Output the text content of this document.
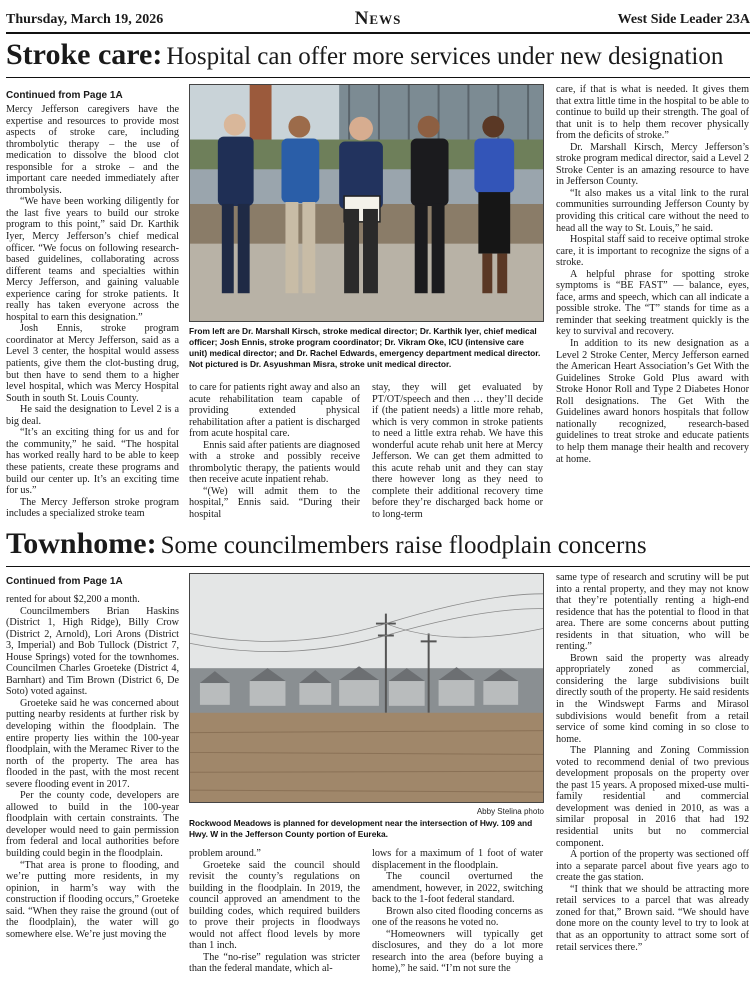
Thursday, March 19, 2026	News	West Side Leader 23A
Stroke care: Hospital can offer more services under new designation
Continued from Page 1A

Mercy Jefferson caregivers have the expertise and resources to provide most aspects of stroke care, including thrombolytic therapy – the use of medication to dissolve the blood clot responsible for a stroke – and the important care needed immediately after thrombolysis.

“We have been working diligently for the last five years to build our stroke program to this point,” said Dr. Karthik Iyer, Mercy Jefferson’s chief medical officer. “We focus on following research-based guidelines, collaborating across different teams and specialties within Mercy Jefferson, and gaining valuable experience caring for stroke patients. It really has taken everyone across the hospital to earn this designation.”

Josh Ennis, stroke program coordinator at Mercy Jefferson, said as a Level 3 center, the hospital would assess patients, give them the clot-busting drug, but then have to send them to a higher level hospital, which was Mercy Hospital South in south St. Louis County.

He said the designation to Level 2 is a big deal.

“It’s an exciting thing for us and for the community,” he said. “The hospital has worked really hard to be able to keep these patients, create these programs and build our center up. It’s an exciting time for us.”

The Mercy Jefferson stroke program includes a specialized stroke team

From left are Dr. Marshall Kirsch, stroke medical director; Dr. Karthik Iyer, chief medical officer; Josh Ennis, stroke program coordinator; Dr. Vikram Oke, ICU (intensive care unit) medical director; and Dr. Rachel Edwards, emergency department medical director. Not pictured is Dr. Asyushman Misra, stroke unit medical director.

to care for patients right away and also an acute rehabilitation team capable of providing extended physical rehabilitation after a patient is discharged from acute hospital care.

Ennis said after patients are diagnosed with a stroke and possibly receive thrombolytic therapy, the patients would then receive acute inpatient rehab.

“(We) will admit them to the hospital,” Ennis said. “During their hospital

stay, they will get evaluated by PT/OT/speech and then … they’ll decide if (the patient needs) a little more rehab, which is very common in stroke patients to need a little extra rehab. We have this wonderful acute rehab unit here at Mercy Jefferson. We can get them admitted to this acute rehab unit and they can stay there however long as they need to complete their additional recovery time before they’re discharged back home or to long-term

care, if that is what is needed. It gives them that extra little time in the hospital to be able to continue to build up their strength. The goal of that unit is to help them recover physically from the deficits of stroke.”

Dr. Marshall Kirsch, Mercy Jefferson’s stroke program medical director, said a Level 2 Stroke Center is an amazing resource to have in Jefferson County.

“It also makes us a vital link to the rural communities surrounding Jefferson County by providing this critical care without the need to head all the way to St. Louis,” he said.

Hospital staff said to receive optimal stroke care, it is important to recognize the signs of a stroke.

A helpful phrase for spotting stroke symptoms is “BE FAST” — balance, eyes, face, arms and speech, which can all indicate a possible stroke. The “T” stands for time as a reminder that seeking treatment quickly is the key to survival and recovery.

In addition to its new designation as a Level 2 Stroke Center, Mercy Jefferson earned the American Heart Association’s Get With the Guidelines Stroke Gold Plus award with Stroke Honor Roll and Type 2 Diabetes Honor Roll designations. The Get With the Guidelines award honors hospitals that follow nationally recognized, research-based guidelines to treat stroke and educate patients to help them manage their health and recovery at home.

Townhome: Some councilmembers raise floodplain concerns
Continued from Page 1A

rented for about $2,200 a month.

Councilmembers Brian Haskins (District 1, High Ridge), Billy Crow (District 2, Arnold), Lori Arons (District 3, Imperial) and Bob Tullock (District 7, House Springs) voted for the townhomes. Councilmen Charles Groeteke (District 4, Barnhart) and Tim Brown (District 6, De Soto) voted against.

Groeteke said he was concerned about putting nearby residents at further risk by developing within the floodplain. The entire property lies within the 100-year floodplain, with the Meramec River to the north of the property. The area has flooded in the past, with the most recent severe flooding event in 2017.

Per the county code, developers are allowed to build in the 100-year floodplain with certain constraints. The developer would need to gain permission from federal and local authorities before building could begin in the floodplain.

“That area is prone to flooding, and we’re putting more residents, in my opinion, in harm’s way with the construction if flooding occurs,” Groeteke said. “When they raise the ground (out of the floodplain), the water will go somewhere else. We’re just moving the

Abby Stelina photo
Rockwood Meadows is planned for development near the intersection of Hwy. 109 and Hwy. W in the Jefferson County portion of Eureka.

problem around.”

Groeteke said the council should revisit the county’s regulations on building in the floodplain. In 2019, the council approved an amendment to the building codes, which required builders to prove their projects in floodways would not affect flood levels by more than 1 inch.

The “no-rise” regulation was stricter than the federal mandate, which al-

lows for a maximum of 1 foot of water displacement in the floodplain.

The council overturned the amendment, however, in 2022, switching back to the 1-foot federal standard.

Brown also cited flooding concerns as one of the reasons he voted no.

“Homeowners will typically get disclosures, and they do a lot more research into the area (before buying a home),” he said. “I’m not sure the

same type of research and scrutiny will be put into a rental property, and they may not know that they’re potentially renting a high-end residence that has the potential to flood in that area. There are some concerns about putting residents in that situation, who will be renting.”

Brown said the property was already appropriately zoned as commercial, considering the large subdivisions built directly south of the property. He said residents in the Windswept Farms and Mirasol subdivisions would benefit from a retail service of some kind coming in so close to home.

The Planning and Zoning Commission voted to recommend denial of two previous development proposals on the property over the past 15 years. A proposed mixed-use multi-family residential and commercial development was denied in 2010, as was a similar proposal in 2016 that had 192 residential units but no commercial component.

A portion of the property was sectioned off into a separate parcel about five years ago to create the gas station.

“I think that we should be attracting more retail services to a parcel that was already zoned for that,” Brown said. “We should have done more on the county level to try to look at that as an opportunity to attract some sort of retail services there.”
